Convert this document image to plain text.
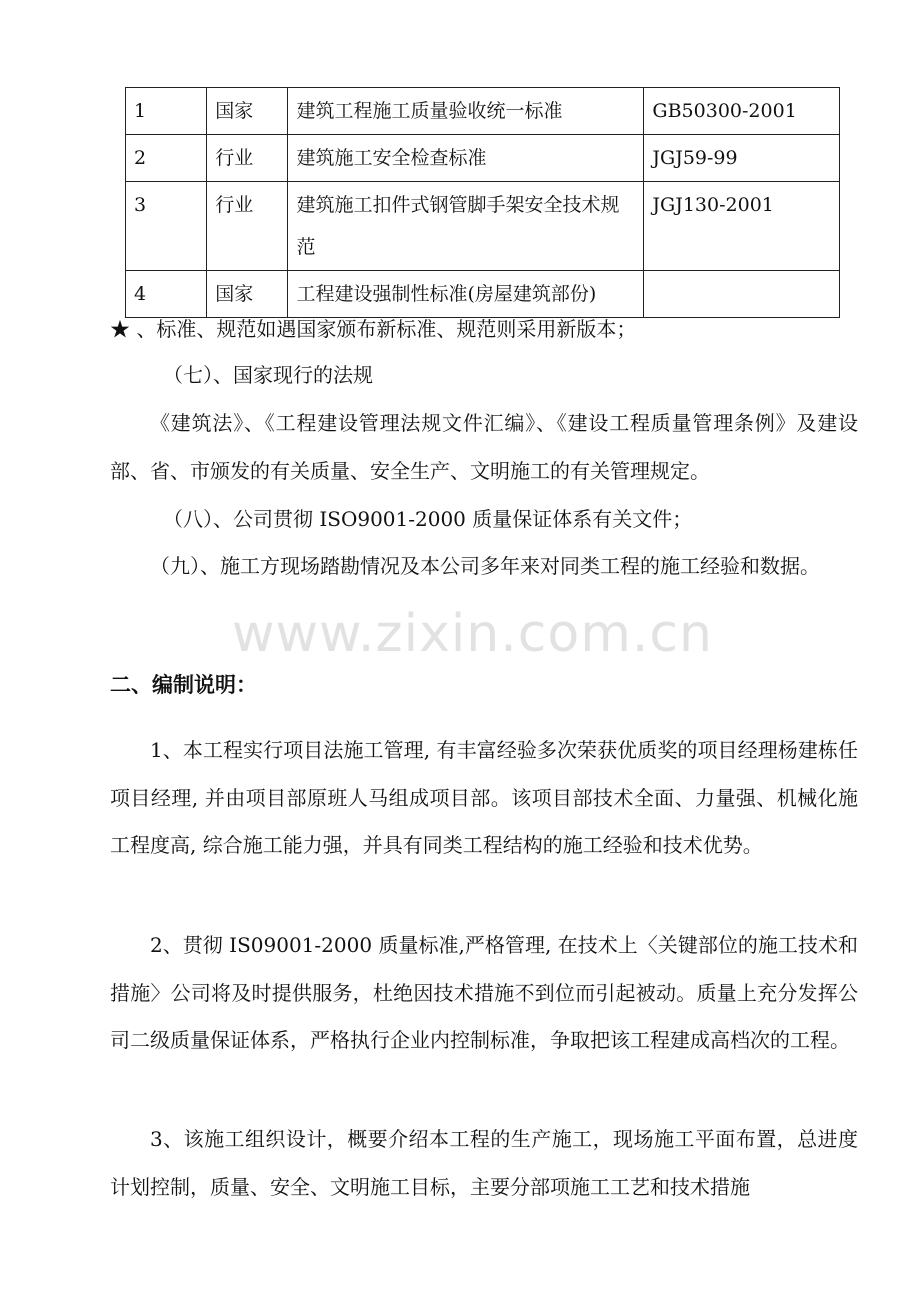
1	国家	建筑工程施工质量验收统一标准	GB50300-2001
2	行业	建筑施工安全检查标准	JGJ59-99
3	行业	建筑施工扣件式钢管脚手架安全技术规范	JGJ130-2001
4	国家	工程建设强制性标准(房屋建筑部份)	
★ 、标准、规范如遇国家颁布新标准、规范则采用新版本；
（七）、国家现行的法规
《建筑法》、《工程建设管理法规文件汇编》、《建设工程质量管理条例》及建设部、省、市颁发的有关质量、安全生产、文明施工的有关管理规定。
（八）、公司贯彻 ISO9001-2000 质量保证体系有关文件；
（九）、施工方现场踏勘情况及本公司多年来对同类工程的施工经验和数据。
www.zixin.com.cn
二、编制说明：
1、本工程实行项目法施工管理, 有丰富经验多次荣获优质奖的项目经理杨建栋任项目经理, 并由项目部原班人马组成项目部。该项目部技术全面、力量强、机械化施工程度高, 综合施工能力强，并具有同类工程结构的施工经验和技术优势。
2、贯彻 IS09001-2000 质量标准,严格管理, 在技术上〈关键部位的施工技术和措施〉公司将及时提供服务，杜绝因技术措施不到位而引起被动。质量上充分发挥公司二级质量保证体系，严格执行企业内控制标准，争取把该工程建成高档次的工程。
3、该施工组织设计，概要介绍本工程的生产施工，现场施工平面布置，总进度计划控制，质量、安全、文明施工目标，主要分部项施工工艺和技术措施
